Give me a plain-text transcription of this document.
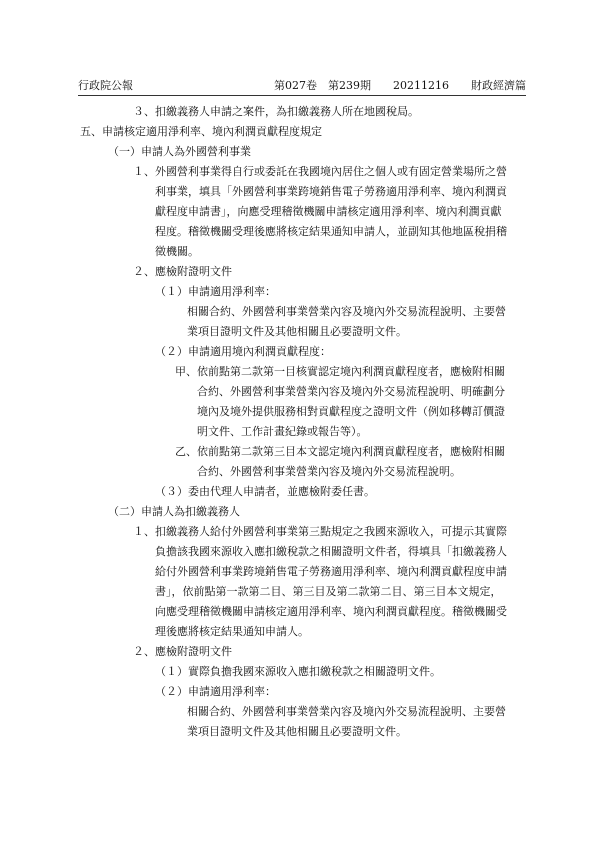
行政院公報	第027卷　第239期　　20211216　　財政經濟篇
３、扣繳義務人申請之案件，為扣繳義務人所在地國稅局。
五、申請核定適用淨利率、境內利潤貢獻程度規定
（一）申請人為外國營利事業
１、外國營利事業得自行或委託在我國境內居住之個人或有固定營業場所之營
利事業，填具「外國營利事業跨境銷售電子勞務適用淨利率、境內利潤貢
獻程度申請書」，向應受理稽徵機關申請核定適用淨利率、境內利潤貢獻
程度。稽徵機關受理後應將核定結果通知申請人，並副知其他地區稅捐稽
徵機關。
２、應檢附證明文件
（１）申請適用淨利率：
相關合約、外國營利事業營業內容及境內外交易流程說明、主要營
業項目證明文件及其他相關且必要證明文件。
（２）申請適用境內利潤貢獻程度：
甲、依前點第二款第一目核實認定境內利潤貢獻程度者，應檢附相關
合約、外國營利事業營業內容及境內外交易流程說明、明確劃分
境內及境外提供服務相對貢獻程度之證明文件（例如移轉訂價證
明文件、工作計畫紀錄或報告等）。
乙、依前點第二款第三目本文認定境內利潤貢獻程度者，應檢附相關
合約、外國營利事業營業內容及境內外交易流程說明。
（３）委由代理人申請者，並應檢附委任書。
（二）申請人為扣繳義務人
１、扣繳義務人給付外國營利事業第三點規定之我國來源收入，可提示其實際
負擔該我國來源收入應扣繳稅款之相關證明文件者，得填具「扣繳義務人
給付外國營利事業跨境銷售電子勞務適用淨利率、境內利潤貢獻程度申請
書」，依前點第一款第二目、第三目及第二款第二目、第三目本文規定，
向應受理稽徵機關申請核定適用淨利率、境內利潤貢獻程度。稽徵機關受
理後應將核定結果通知申請人。
２、應檢附證明文件
（１）實際負擔我國來源收入應扣繳稅款之相關證明文件。
（２）申請適用淨利率：
相關合約、外國營利事業營業內容及境內外交易流程說明、主要營
業項目證明文件及其他相關且必要證明文件。
